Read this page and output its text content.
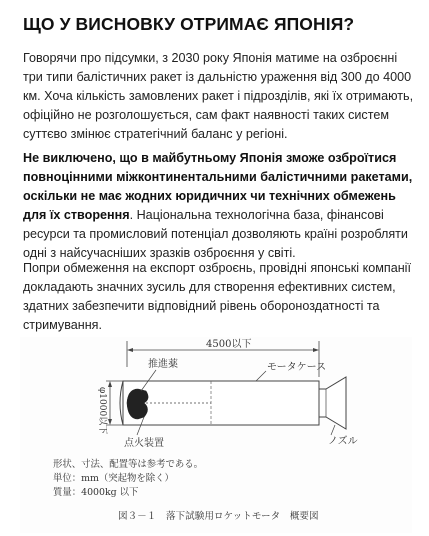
ЩО У ВИСНОВКУ ОТРИМАЄ ЯПОНІЯ?

Говорячи про підсумки, з 2030 року Японія матиме на озброєнні три типи балістичних ракет із дальністю ураження від 300 до 4000 км. Хоча кількість замовлених ракет і підрозділів, які їх отримають, офіційно не розголошується, сам факт наявності таких систем суттєво змінює стратегічний баланс у регіоні.

Не виключено, що в майбутньому Японія зможе озброїтися повноцінними міжконтинентальними балістичними ракетами, оскільки не має жодних юридичних чи технічних обмежень для їх створення. Національна технологічна база, фінансові ресурси та промисловий потенціал дозволяють країні розробляти одні з найсучасніших зразків озброєння у світі.

Попри обмеження на експорт озброєнь, провідні японські компанії докладають значних зусиль для створення ефективних систем, здатних забезпечити відповідний рівень обороноздатності та стримування.

4500以下
φ1000以下
推進薬	モータケース
点火装置	ノズル

形状、寸法、配置等は参考である。
単位：mm（突起物を除く）
質量：4000kg 以下

図３－１　落下試験用ロケットモータ　概要図
